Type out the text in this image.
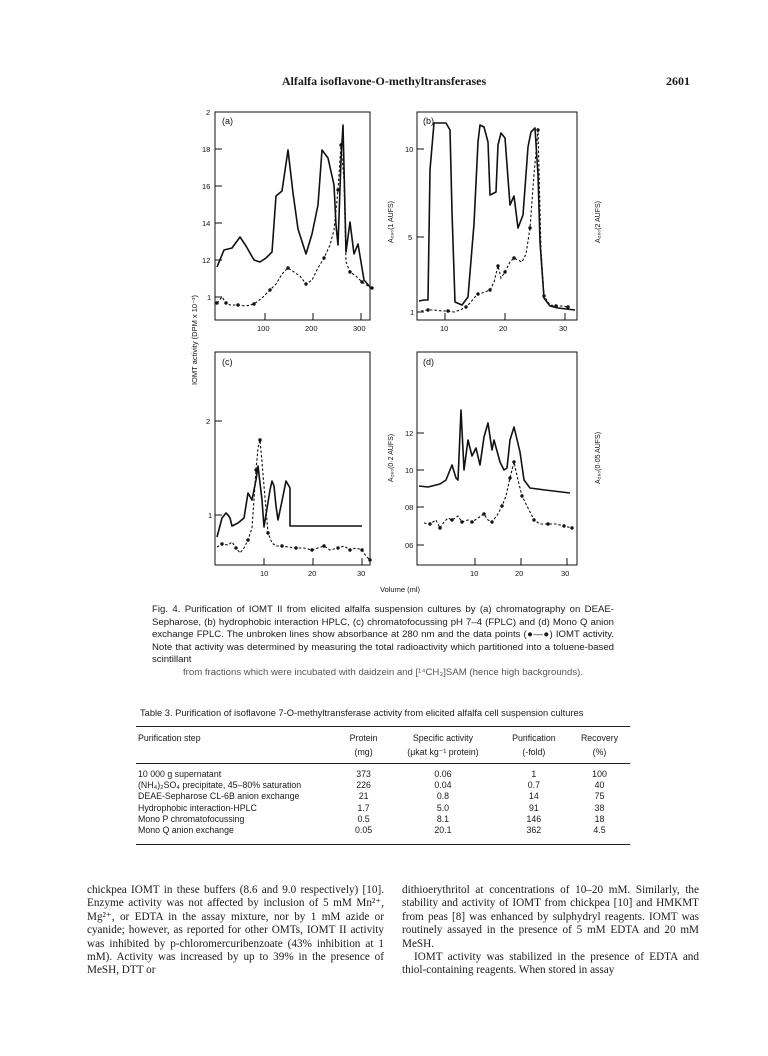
Alfalfa isoflavone-O-methyltransferases	2601
2
18
16
14
12
1
100	200	300
10
5
1
10	20	30
2
1
10	20	30
12
10
08
06
10	20	30
(a)	(b)
(c)	(d)
Volume (ml)
IOMT activity (DPM x 10⁻³)
A₂₈₀(1 AUFS)	A₂₈₀(2 AUFS)
A₂₈₀(0·2 AUFS)	A₂₈₀(0·05 AUFS)
Fig. 4. Purification of IOMT II from elicited alfalfa suspension cultures by (a) chromatography on DEAE-Sepharose, (b) hydrophobic interaction HPLC, (c) chromatofocussing pH 7–4 (FPLC) and (d) Mono Q anion exchange FPLC. The unbroken lines show absorbance at 280 nm and the data points (●—●) IOMT activity. Note that activity was determined by measuring the total radioactivity which partitioned into a toluene-based scintillant
from fractions which were incubated with daidzein and [¹⁴CH₃]SAM (hence high backgrounds).
Table 3. Purification of isoflavone 7-O-methyltransferase activity from elicited alfalfa cell suspension cultures
Purification step	Protein	Specific activity	Purification	Recovery
	(mg)	(μkat kg⁻¹ protein)	(-fold)	(%)
10 000 g supernatant	373	0.06	1	100
(NH₄)₂SO₄ precipitate, 45–80% saturation	226	0.04	0.7	40
DEAE-Sepharose CL-6B anion exchange	21	0.8	14	75
Hydrophobic interaction-HPLC	1.7	5.0	91	38
Mono P chromatofocussing	0.5	8.1	146	18
Mono Q anion exchange	0.05	20.1	362	4.5

chickpea IOMT in these buffers (8.6 and 9.0 respectively) [10]. Enzyme activity was not affected by inclusion of 5 mM Mn²⁺, Mg²⁺, or EDTA in the assay mixture, nor by 1 mM azide or cyanide; however, as reported for other OMTs, IOMT II activity was inhibited by p-chloromercuribenzoate (43% inhibition at 1 mM). Activity was increased by up to 39% in the presence of MeSH, DTT or

dithioerythritol at concentrations of 10–20 mM. Similarly, the stability and activity of IOMT from chickpea [10] and HMKMT from peas [8] was enhanced by sulphydryl reagents. IOMT was routinely assayed in the presence of 5 mM EDTA and 20 mM MeSH.

IOMT activity was stabilized in the presence of EDTA and thiol-containing reagents. When stored in assay
